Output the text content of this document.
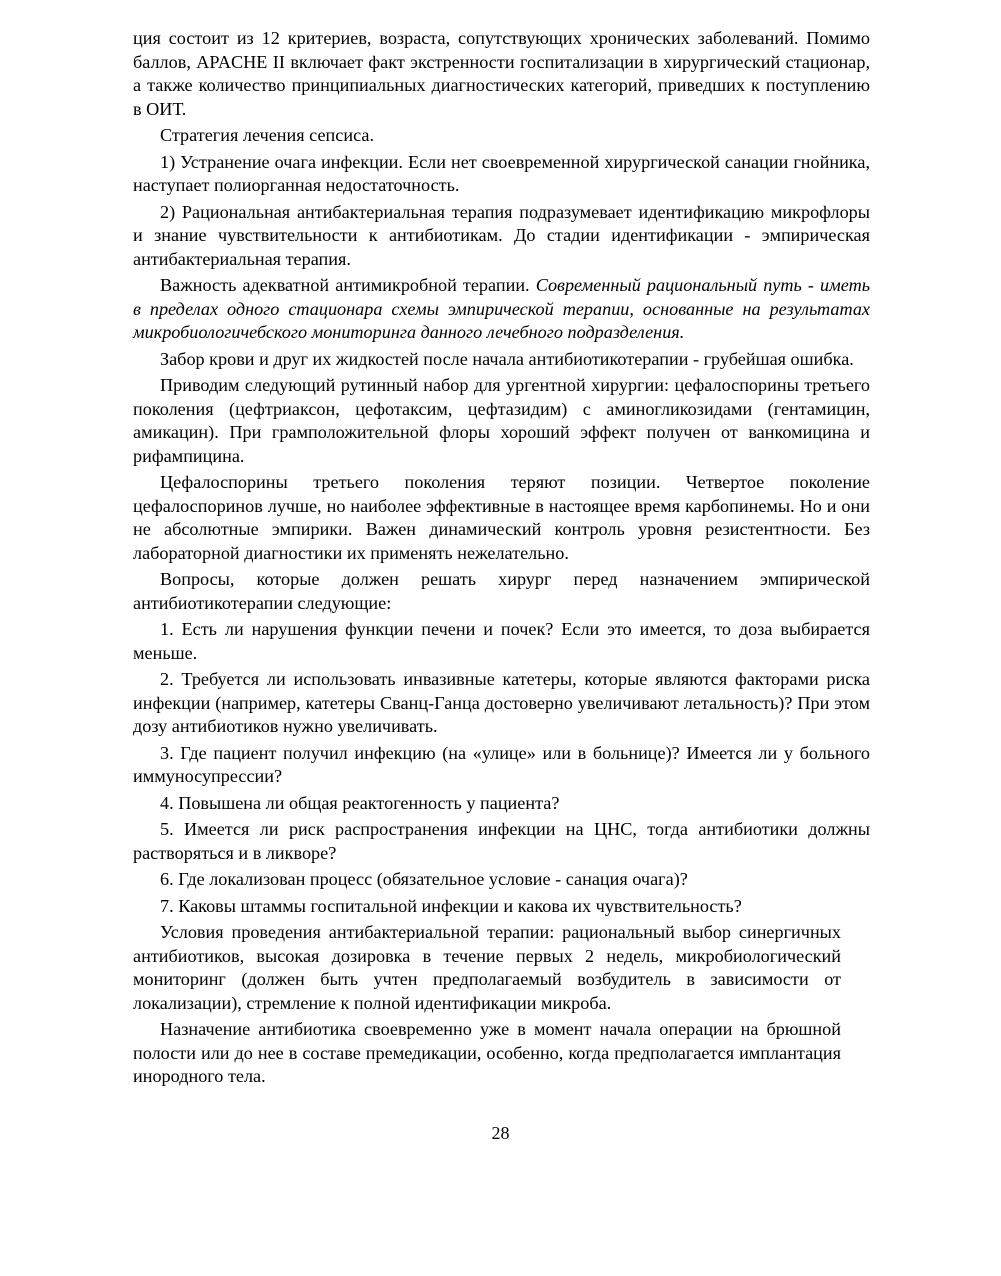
ция состоит из 12 критериев, возраста, сопутствующих хронических заболеваний. Помимо баллов, APACHE II включает факт экстренности госпитализации в хирургический стационар, а также количество принципиальных диагностических категорий, приведших к поступлению в ОИТ.

Стратегия лечения сепсиса.

1) Устранение очага инфекции. Если нет своевременной хирургической санации гнойника, наступает полиорганная недостаточность.

2) Рациональная антибактериальная терапия подразумевает идентификацию микрофлоры и знание чувствительности к антибиотикам. До стадии идентификации - эмпирическая антибактериальная терапия.

Важность адекватной антимикробной терапии. Современный рациональный путь - иметь в пределах одного стационара схемы эмпирической терапии, основанные на результатах микробиологичебского мониторинга данного лечебного подразделения.

Забор крови и друг их жидкостей после начала антибиотикотерапии - грубейшая ошибка.

Приводим следующий рутинный набор для ургентной хирургии: цефалоспорины третьего поколения (цефтриаксон, цефотаксим, цефтазидим) с аминогликозидами (гентамицин, амикацин). При грамположительной флоры хороший эффект получен от ванкомицина и рифампицина.

Цефалоспорины третьего поколения теряют позиции. Четвертое поколение цефалоспоринов лучше, но наиболее эффективные в настоящее время карбопинемы. Но и они не абсолютные эмпирики. Важен динамический контроль уровня резистентности. Без лабораторной диагностики их применять нежелательно.

Вопросы, которые должен решать хирург перед назначением эмпирической антибиотикотерапии следующие:

1. Есть ли нарушения функции печени и почек? Если это имеется, то доза выбирается меньше.

2. Требуется ли использовать инвазивные катетеры, которые являются факторами риска инфекции (например, катетеры Сванц-Ганца достоверно увеличивают летальность)? При этом дозу антибиотиков нужно увеличивать.

3. Где пациент получил инфекцию (на «улице» или в больнице)? Имеется ли у больного иммуносупрессии?

4. Повышена ли общая реактогенность у пациента?

5. Имеется ли риск распространения инфекции на ЦНС, тогда антибиотики должны растворяться и в ликворе?

6. Где локализован процесс (обязательное условие - санация очага)?

7. Каковы штаммы госпитальной инфекции и какова их чувствительность?

Условия проведения антибактериальной терапии: рациональный выбор синергичных антибиотиков, высокая дозировка в течение первых 2 недель, микробиологический мониторинг (должен быть учтен предполагаемый возбудитель в зависимости от локализации), стремление к полной идентификации микроба.

Назначение антибиотика своевременно уже в момент начала операции на брюшной полости или до нее в составе премедикации, особенно, когда предполагается имплантация инородного тела.

28
